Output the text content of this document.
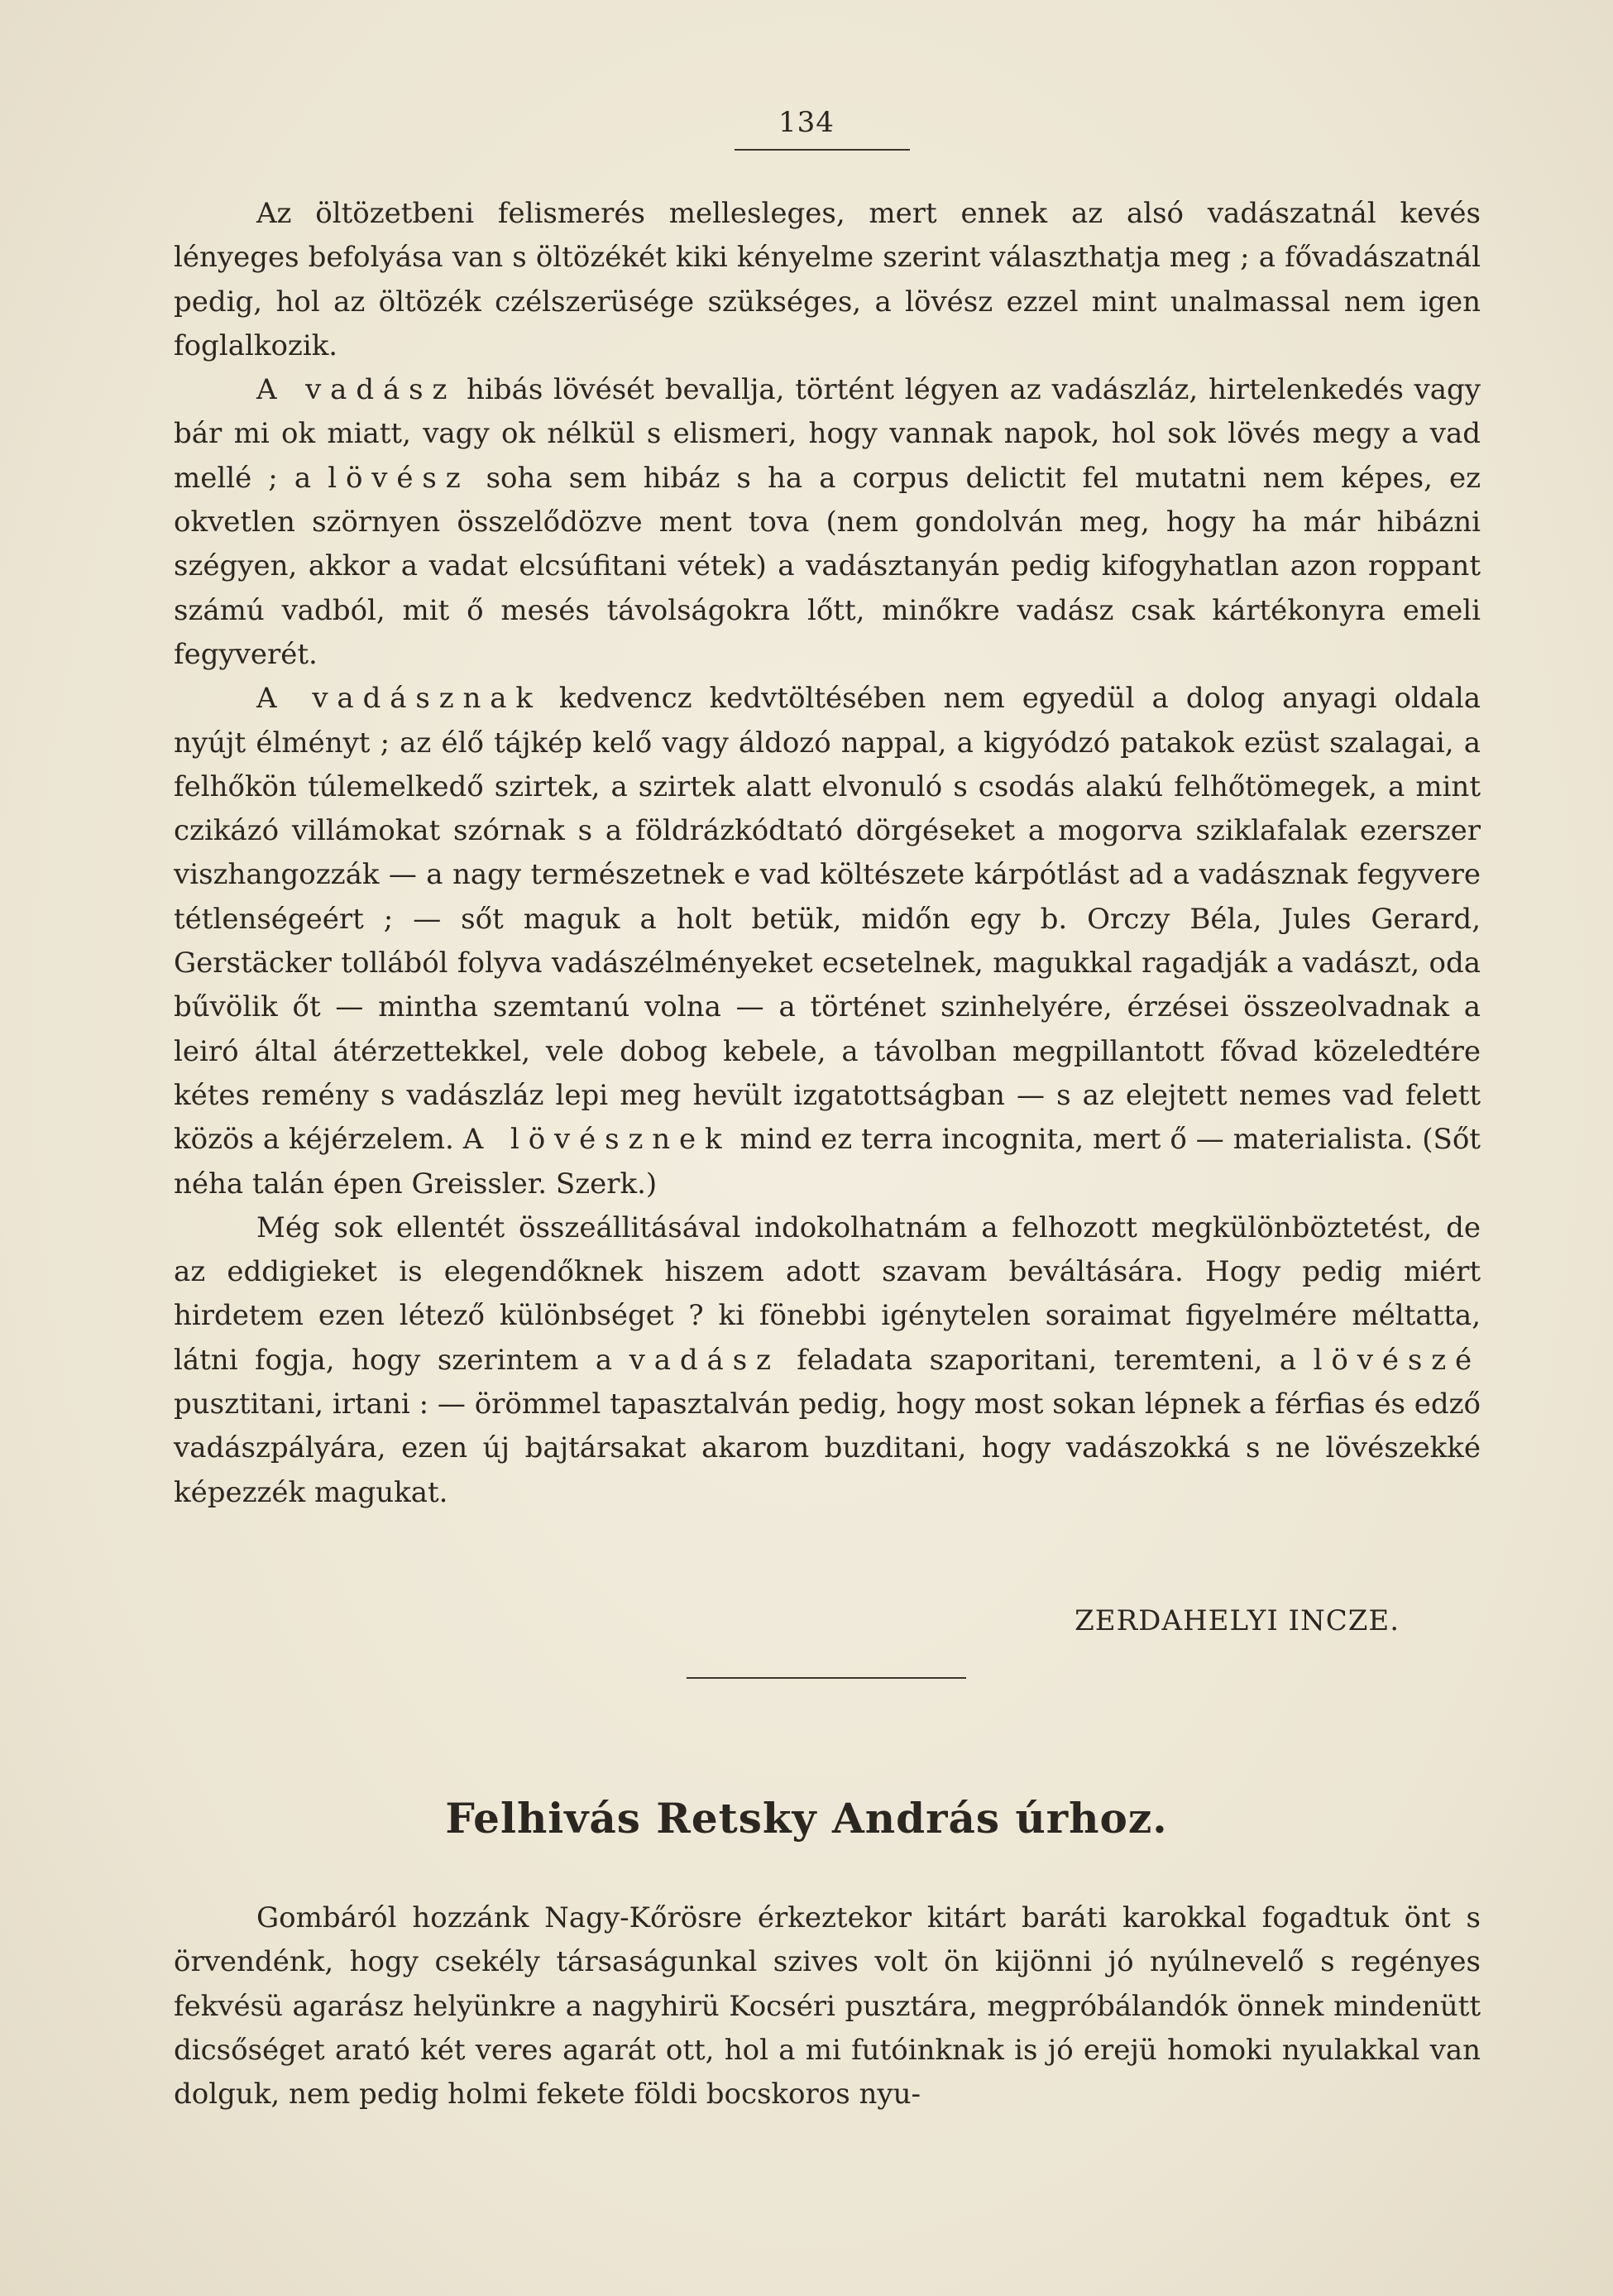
134

Az öltözetbeni felismerés mellesleges, mert ennek az alsó vadászatnál kevés lényeges befolyása van s öltözékét kiki kényelme szerint választhatja meg ; a fővadászatnál pedig, hol az öltözék czélszerüsége szükséges, a lövész ezzel mint unalmassal nem igen foglalkozik.

A vadász hibás lövését bevallja, történt légyen az vadászláz, hirtelenkedés vagy bár mi ok miatt, vagy ok nélkül s elismeri, hogy vannak napok, hol sok lövés megy a vad mellé ; a lövész soha sem hibáz s ha a corpus delictit fel mutatni nem képes, ez okvetlen szörnyen összelődözve ment tova (nem gondolván meg, hogy ha már hibázni szégyen, akkor a vadat elcsúfitani vétek) a vadásztanyán pedig kifogyhatlan azon roppant számú vadból, mit ő mesés távolságokra lőtt, minőkre vadász csak kártékonyra emeli fegyverét.

A vadásznak kedvencz kedvtöltésében nem egyedül a dolog anyagi oldala nyújt élményt ; az élő tájkép kelő vagy áldozó nappal, a kigyódzó patakok ezüst szalagai, a felhőkön túlemelkedő szirtek, a szirtek alatt elvonuló s csodás alakú felhőtömegek, a mint czikázó villámokat szórnak s a földrázkódtató dörgéseket a mogorva sziklafalak ezerszer viszhangozzák — a nagy természetnek e vad költészete kárpótlást ad a vadásznak fegyvere tétlenségeért ; — sőt maguk a holt betük, midőn egy b. Orczy Béla, Jules Gerard, Gerstäcker tollából folyva vadászélményeket ecsetelnek, magukkal ragadják a vadászt, oda bűvölik őt — mintha szemtanú volna — a történet szinhelyére, érzései összeolvadnak a leiró által átérzettekkel, vele dobog kebele, a távolban megpillantott fővad közeledtére kétes remény s vadászláz lepi meg hevült izgatottságban — s az elejtett nemes vad felett közös a kéjérzelem. A lövésznek mind ez terra incognita, mert ő — materialista. (Sőt néha talán épen Greissler. Szerk.)

Még sok ellentét összeállitásával indokolhatnám a felhozott megkülönböztetést, de az eddigieket is elegendőknek hiszem adott szavam beváltására. Hogy pedig miért hirdetem ezen létező különbséget ? ki fönebbi igénytelen soraimat figyelmére méltatta, látni fogja, hogy szerintem a vadász feladata szaporitani, teremteni, a lövészé pusztitani, irtani : — örömmel tapasztalván pedig, hogy most sokan lépnek a férfias és edző vadászpályára, ezen új bajtársakat akarom buzditani, hogy vadászokká s ne lövészekké képezzék magukat.

ZERDAHELYI INCZE.
Felhivás Retsky András úrhoz.

Gombáról hozzánk Nagy-Kőrösre érkeztekor kitárt baráti karokkal fogadtuk önt s örvendénk, hogy csekély társaságunkal szives volt ön kijönni jó nyúlnevelő s regényes fekvésü agarász helyünkre a nagyhirü Kocséri pusztára, megpróbálandók önnek mindenütt dicsőséget arató két veres agarát ott, hol a mi futóinknak is jó erejü homoki nyulakkal van dolguk, nem pedig holmi fekete földi bocskoros nyu-
